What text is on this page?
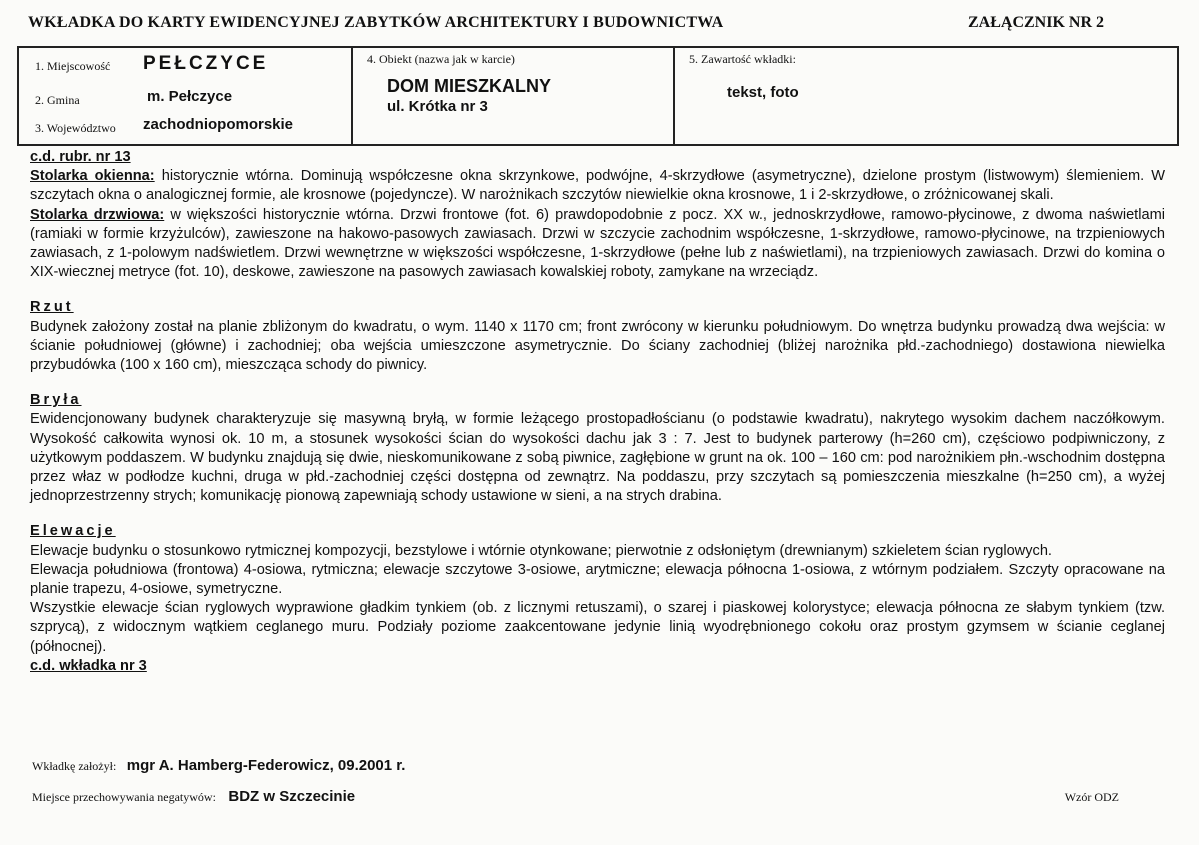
WKŁADKA DO KARTY EWIDENCYJNEJ ZABYTKÓW ARCHITEKTURY I BUDOWNICTWA	ZAŁĄCZNIK NR 2
1. Miejscowość PEŁCZYCE
2. Gmina	m. Pełczyce
3. Województwo zachodniopomorskie
4. Obiekt (nazwa jak w karcie)
DOM MIESZKALNY
ul. Krótka nr 3
5. Zawartość wkładki:
tekst, foto

c.d. rubr. nr 13

Stolarka okienna: historycznie wtórna. Dominują współczesne okna skrzynkowe, podwójne, 4-skrzydłowe (asymetryczne), dzielone prostym (listwowym) ślemieniem. W szczytach okna o analogicznej formie, ale krosnowe (pojedyncze). W narożnikach szczytów niewielkie okna krosnowe, 1 i 2-skrzydłowe, o zróżnicowanej skali.

Stolarka drzwiowa: w większości historycznie wtórna. Drzwi frontowe (fot. 6) prawdopodobnie z pocz. XX w., jednoskrzydłowe, ramowo-płycinowe, z dwoma naświetlami (ramiaki w formie krzyżulców), zawieszone na hakowo-pasowych zawiasach. Drzwi w szczycie zachodnim współczesne, 1-skrzydłowe, ramowo-płycinowe, na trzpieniowych zawiasach, z 1-polowym nadświetlem. Drzwi wewnętrzne w większości współczesne, 1-skrzydłowe (pełne lub z naświetlami), na trzpieniowych zawiasach. Drzwi do komina o XIX-wiecznej metryce (fot. 10), deskowe, zawieszone na pasowych zawiasach kowalskiej roboty, zamykane na wrzeciądz.

Rzut

Budynek założony został na planie zbliżonym do kwadratu, o wym. 1140 x 1170 cm; front zwrócony w kierunku południowym. Do wnętrza budynku prowadzą dwa wejścia: w ścianie południowej (główne) i zachodniej; oba wejścia umieszczone asymetrycznie. Do ściany zachodniej (bliżej narożnika płd.-zachodniego) dostawiona niewielka przybudówka (100 x 160 cm), mieszcząca schody do piwnicy.

Bryła

Ewidencjonowany budynek charakteryzuje się masywną bryłą, w formie leżącego prostopadłościanu (o podstawie kwadratu), nakrytego wysokim dachem naczółkowym. Wysokość całkowita wynosi ok. 10 m, a stosunek wysokości ścian do wysokości dachu jak 3 : 7. Jest to budynek parterowy (h=260 cm), częściowo podpiwniczony, z użytkowym poddaszem. W budynku znajdują się dwie, nieskomunikowane z sobą piwnice, zagłębione w grunt na ok. 100 – 160 cm: pod narożnikiem płn.-wschodnim dostępna przez właz w podłodze kuchni, druga w płd.-zachodniej części dostępna od zewnątrz. Na poddaszu, przy szczytach są pomieszczenia mieszkalne (h=250 cm), a wyżej jednoprzestrzenny strych; komunikację pionową zapewniają schody ustawione w sieni, a na strych drabina.

Elewacje

Elewacje budynku o stosunkowo rytmicznej kompozycji, bezstylowe i wtórnie otynkowane; pierwotnie z odsłoniętym (drewnianym) szkieletem ścian ryglowych.

Elewacja południowa (frontowa) 4-osiowa, rytmiczna; elewacje szczytowe 3-osiowe, arytmiczne; elewacja północna 1-osiowa, z wtórnym podziałem. Szczyty opracowane na planie trapezu, 4-osiowe, symetryczne.

Wszystkie elewacje ścian ryglowych wyprawione gładkim tynkiem (ob. z licznymi retuszami), o szarej i piaskowej kolorystyce; elewacja północna ze słabym tynkiem (tzw. szprycą), z widocznym wątkiem ceglanego muru. Podziały poziome zaakcentowane jedynie linią wyodrębnionego cokołu oraz prostym gzymsem w ścianie ceglanej (północnej).

c.d. wkładka nr 3

Wkładkę założył: mgr A. Hamberg-Federowicz, 09.2001 r.
Miejsce przechowywania negatywów: BDZ w Szczecinie	Wzór ODZ
